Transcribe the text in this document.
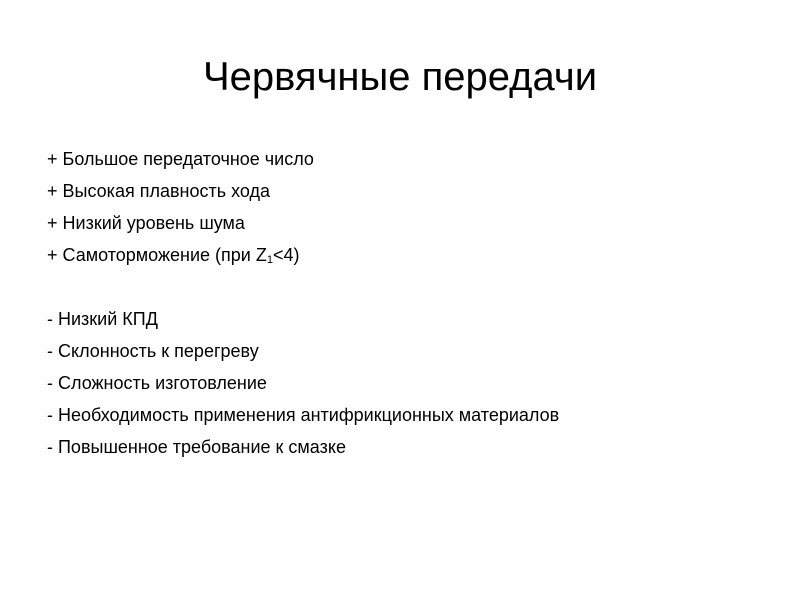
Червячные передачи
+ Большое передаточное число
+ Высокая плавность хода
+ Низкий уровень шума
+ Самоторможение (при $Z_1<4$)
- Низкий КПД
- Склонность к перегреву
- Сложность изготовление
- Необходимость применения антифрикционных материалов
- Повышенное требование к смазке
